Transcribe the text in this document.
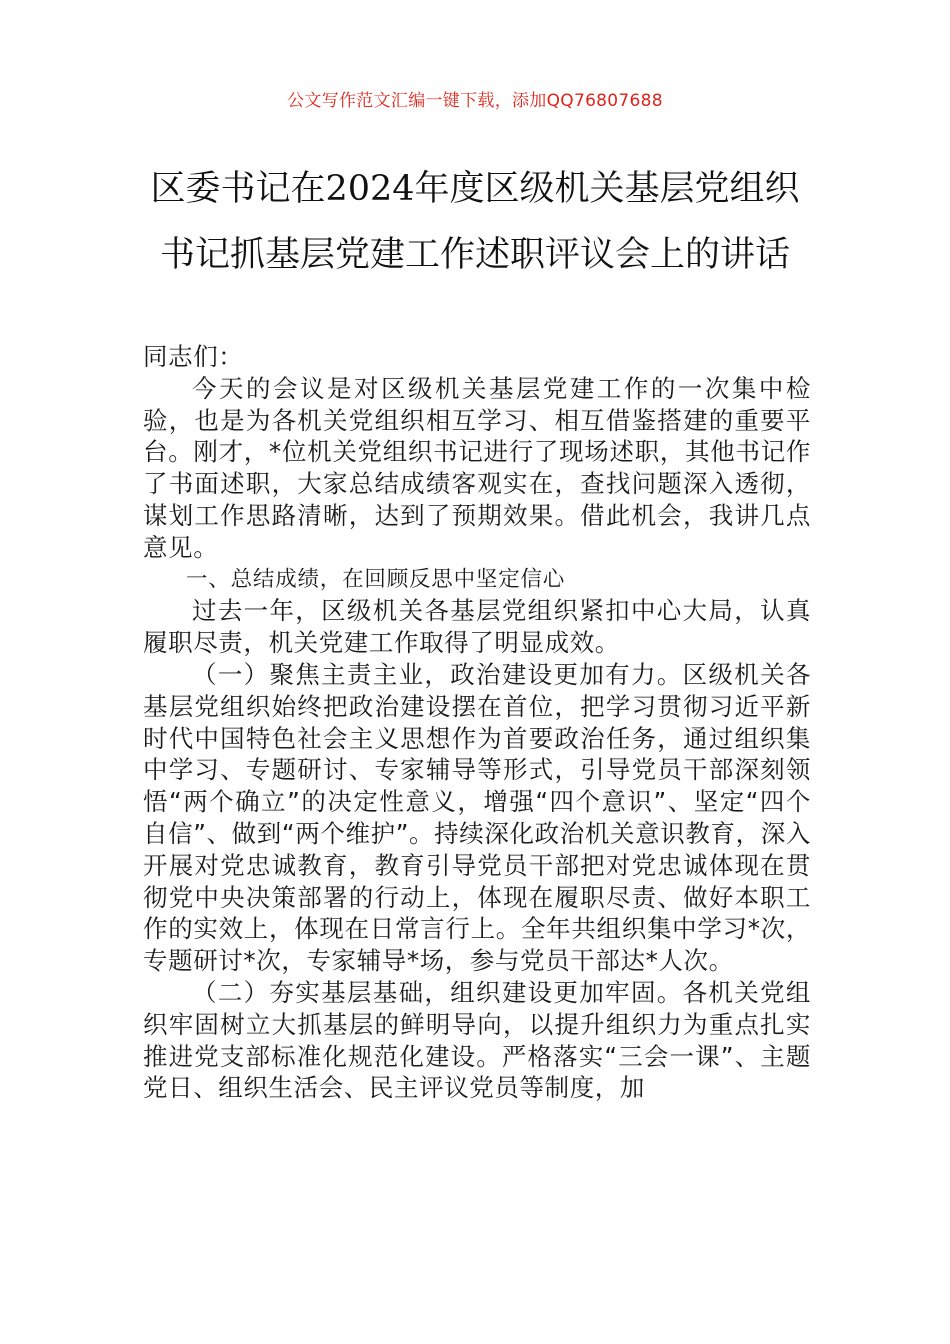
公文写作范文汇编一键下载，添加QQ76807688
区委书记在2024年度区级机关基层党组织
书记抓基层党建工作述职评议会上的讲话

同志们：

今天的会议是对区级机关基层党建工作的一次集中检验，也是为各机关党组织相互学习、相互借鉴搭建的重要平台。刚才，*位机关党组织书记进行了现场述职，其他书记作了书面述职，大家总结成绩客观实在，查找问题深入透彻，谋划工作思路清晰，达到了预期效果。借此机会，我讲几点意见。

一、总结成绩，在回顾反思中坚定信心

过去一年，区级机关各基层党组织紧扣中心大局，认真履职尽责，机关党建工作取得了明显成效。

（一）聚焦主责主业，政治建设更加有力。区级机关各基层党组织始终把政治建设摆在首位，把学习贯彻习近平新时代中国特色社会主义思想作为首要政治任务，通过组织集中学习、专题研讨、专家辅导等形式，引导党员干部深刻领悟“两个确立”的决定性意义，增强“四个意识”、坚定“四个自信”、做到“两个维护”。持续深化政治机关意识教育，深入开展对党忠诚教育，教育引导党员干部把对党忠诚体现在贯彻党中央决策部署的行动上，体现在履职尽责、做好本职工作的实效上，体现在日常言行上。全年共组织集中学习*次，专题研讨*次，专家辅导*场，参与党员干部达*人次。

（二）夯实基层基础，组织建设更加牢固。各机关党组织牢固树立大抓基层的鲜明导向，以提升组织力为重点扎实推进党支部标准化规范化建设。严格落实“三会一课”、主题党日、组织生活会、民主评议党员等制度，加
